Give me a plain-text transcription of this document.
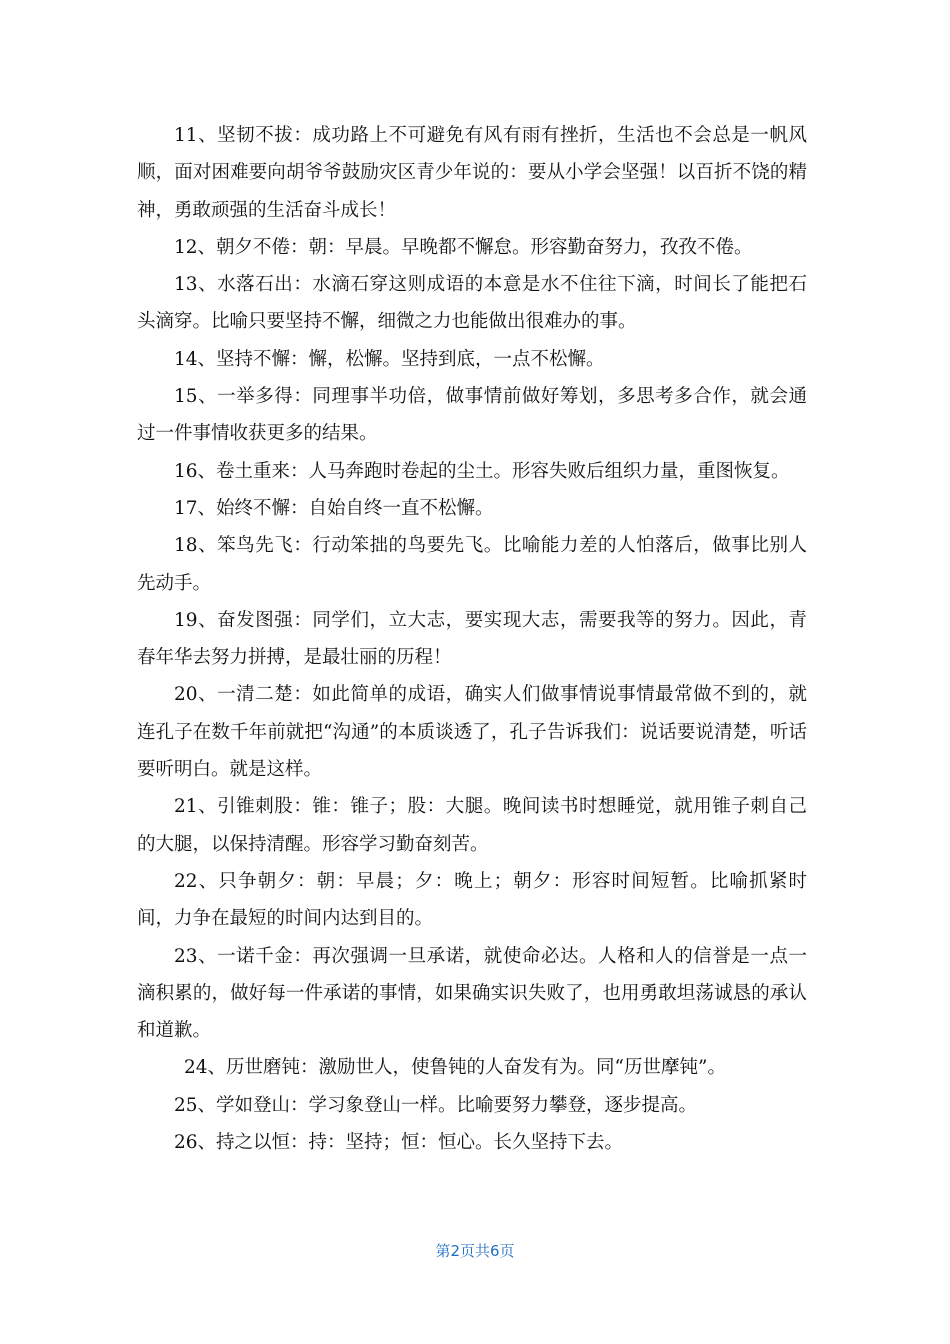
11、坚韧不拔：成功路上不可避免有风有雨有挫折，生活也不会总是一帆风顺，面对困难要向胡爷爷鼓励灾区青少年说的：要从小学会坚强！以百折不饶的精神，勇敢顽强的生活奋斗成长！

12、朝夕不倦：朝：早晨。早晚都不懈怠。形容勤奋努力，孜孜不倦。

13、水落石出：水滴石穿这则成语的本意是水不住往下滴，时间长了能把石头滴穿。比喻只要坚持不懈，细微之力也能做出很难办的事。

14、坚持不懈：懈，松懈。坚持到底，一点不松懈。

15、一举多得：同理事半功倍，做事情前做好筹划，多思考多合作，就会通过一件事情收获更多的结果。

16、卷土重来：人马奔跑时卷起的尘土。形容失败后组织力量，重图恢复。

17、始终不懈：自始自终一直不松懈。

18、笨鸟先飞：行动笨拙的鸟要先飞。比喻能力差的人怕落后，做事比别人先动手。

19、奋发图强：同学们，立大志，要实现大志，需要我等的努力。因此，青春年华去努力拼搏，是最壮丽的历程！

20、一清二楚：如此简单的成语，确实人们做事情说事情最常做不到的，就连孔子在数千年前就把“沟通”的本质谈透了，孔子告诉我们：说话要说清楚，听话要听明白。就是这样。

21、引锥刺股：锥：锥子；股：大腿。晚间读书时想睡觉，就用锥子刺自己的大腿，以保持清醒。形容学习勤奋刻苦。

22、只争朝夕：朝：早晨；夕：晚上；朝夕：形容时间短暂。比喻抓紧时间，力争在最短的时间内达到目的。

23、一诺千金：再次强调一旦承诺，就使命必达。人格和人的信誉是一点一滴积累的，做好每一件承诺的事情，如果确实识失败了，也用勇敢坦荡诚恳的承认和道歉。

24、历世磨钝：激励世人，使鲁钝的人奋发有为。同“历世摩钝”。

25、学如登山：学习象登山一样。比喻要努力攀登，逐步提高。

26、持之以恒：持：坚持；恒：恒心。长久坚持下去。

第2页共6页
